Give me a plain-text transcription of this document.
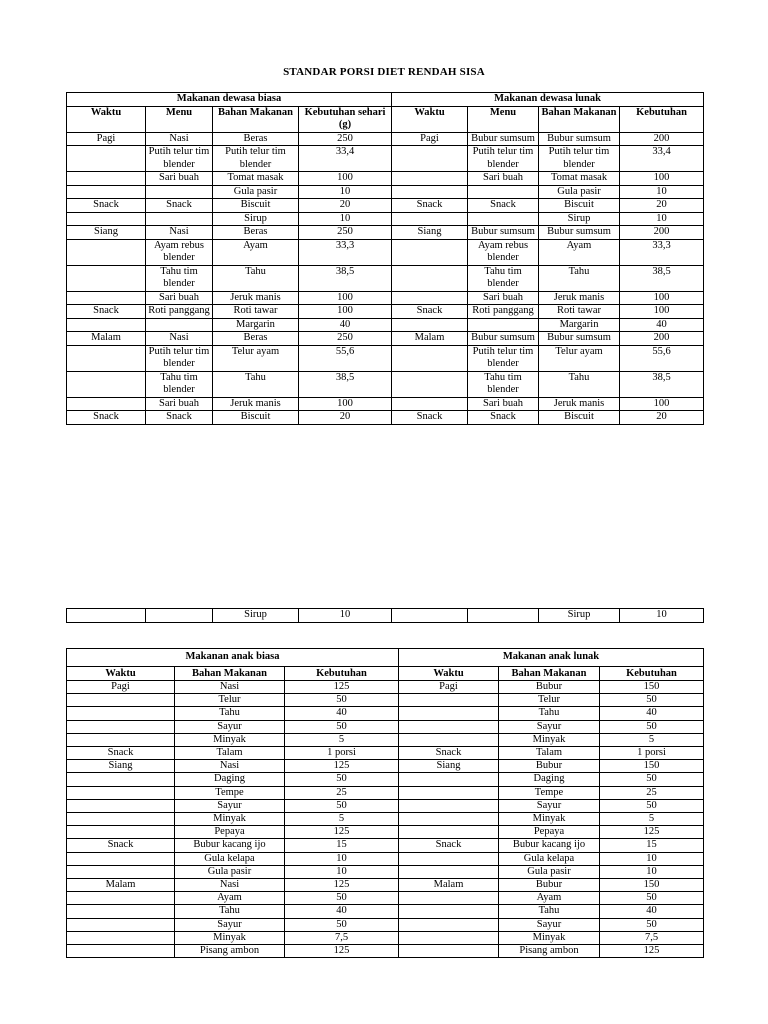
STANDAR PORSI DIET RENDAH SISA
Makanan dewasa biasa				Makanan dewasa lunak			
Waktu	Menu	Bahan Makanan	Kebutuhan sehari (g)	Waktu	Menu	Bahan Makanan	Kebutuhan
Pagi	Nasi	Beras	250	Pagi	Bubur sumsum	Bubur sumsum	200
	Putih telur tim blender	Putih telur tim blender	33,4		Putih telur tim blender	Putih telur tim blender	33,4
	Sari buah	Tomat masak	100		Sari buah	Tomat masak	100
		Gula pasir	10			Gula pasir	10
Snack	Snack	Biscuit	20	Snack	Snack	Biscuit	20
		Sirup	10			Sirup	10
Siang	Nasi	Beras	250	Siang	Bubur sumsum	Bubur sumsum	200
	Ayam rebus blender	Ayam	33,3		Ayam rebus blender	Ayam	33,3
	Tahu tim blender	Tahu	38,5		Tahu tim blender	Tahu	38,5
	Sari buah	Jeruk manis	100		Sari buah	Jeruk manis	100
Snack	Roti panggang	Roti tawar	100	Snack	Roti panggang	Roti tawar	100
		Margarin	40			Margarin	40
Malam	Nasi	Beras	250	Malam	Bubur sumsum	Bubur sumsum	200
	Putih telur tim blender	Telur ayam	55,6		Putih telur tim blender	Telur ayam	55,6
	Tahu tim blender	Tahu	38,5		Tahu tim blender	Tahu	38,5
	Sari buah	Jeruk manis	100		Sari buah	Jeruk manis	100
Snack	Snack	Biscuit	20	Snack	Snack	Biscuit	20
		Sirup	10			Sirup	10
Makanan anak biasa			Makanan anak lunak		
Waktu	Bahan Makanan	Kebutuhan	Waktu	Bahan Makanan	Kebutuhan
Pagi	Nasi	125	Pagi	Bubur	150
	Telur	50		Telur	50
	Tahu	40		Tahu	40
	Sayur	50		Sayur	50
	Minyak	5		Minyak	5
Snack	Talam	1 porsi	Snack	Talam	1 porsi
Siang	Nasi	125	Siang	Bubur	150
	Daging	50		Daging	50
	Tempe	25		Tempe	25
	Sayur	50		Sayur	50
	Minyak	5		Minyak	5
	Pepaya	125		Pepaya	125
Snack	Bubur kacang ijo	15	Snack	Bubur kacang ijo	15
	Gula kelapa	10		Gula kelapa	10
	Gula pasir	10		Gula pasir	10
Malam	Nasi	125	Malam	Bubur	150
	Ayam	50		Ayam	50
	Tahu	40		Tahu	40
	Sayur	50		Sayur	50
	Minyak	7,5		Minyak	7,5
	Pisang ambon	125		Pisang ambon	125
